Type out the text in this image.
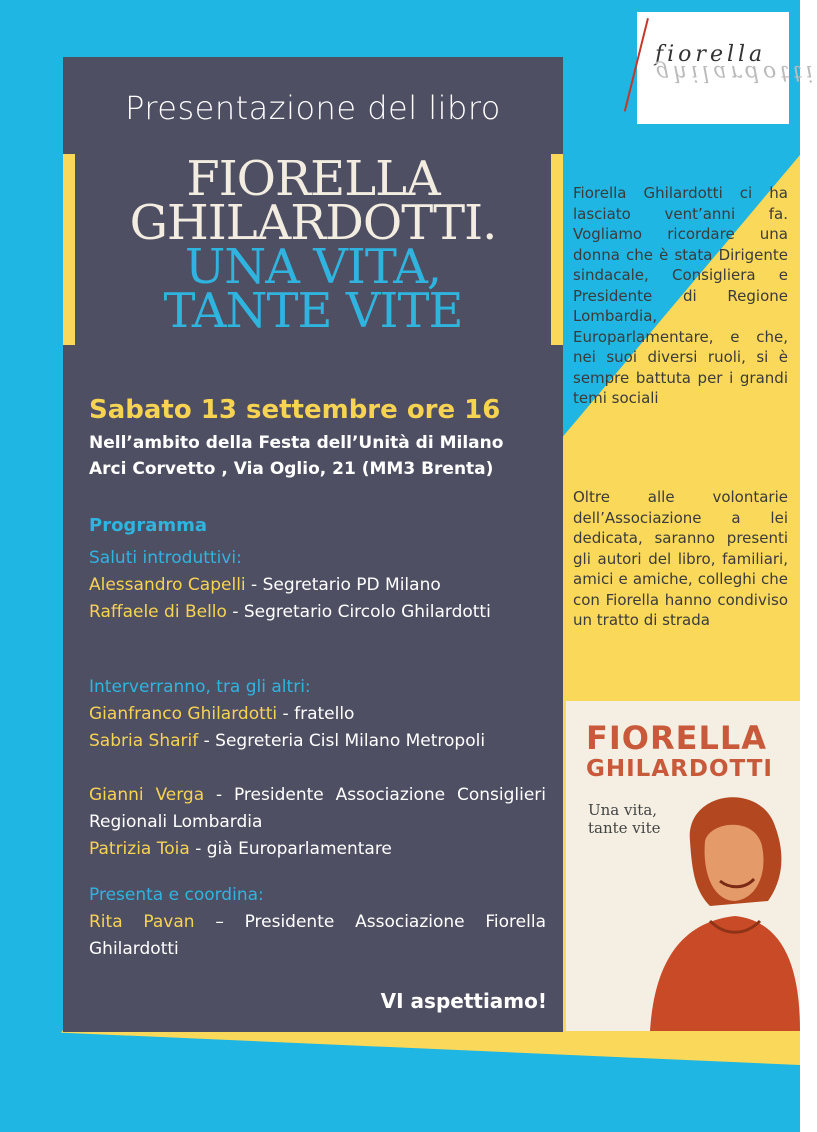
fiorella
ghilardotti
Presentazione del libro
FIORELLA
GHILARDOTTI.
UNA VITA,
TANTE VITE
Sabato 13 settembre ore 16
Nell’ambito della Festa dell’Unità di Milano
Arci Corvetto , Via Oglio, 21 (MM3 Brenta)
Programma
Saluti introduttivi:
Alessandro Capelli - Segretario PD Milano
Raffaele di Bello - Segretario Circolo Ghilardotti
Interverranno, tra gli altri:
Gianfranco Ghilardotti - fratello
Sabria Sharif - Segreteria Cisl Milano Metropoli
Gianni Verga - Presidente Associazione Consiglieri Regionali Lombardia
Patrizia Toia - già Europarlamentare
Presenta e coordina:
Rita Pavan – Presidente Associazione Fiorella Ghilardotti
VI aspettiamo!
Fiorella Ghilardotti ci ha lasciato vent’anni fa. Vogliamo ricordare una donna che è stata Dirigente sindacale, Consigliera e Presidente di Regione Lombardia, Europarlamentare, e che, nei suoi diversi ruoli, si è sempre battuta per i grandi temi sociali
Oltre alle volontarie dell’Associazione a lei dedicata, saranno presenti gli autori del libro, familiari, amici e amiche, colleghi che con Fiorella hanno condiviso un tratto di strada
FIORELLA
GHILARDOTTI
Una vita,
tante vite
